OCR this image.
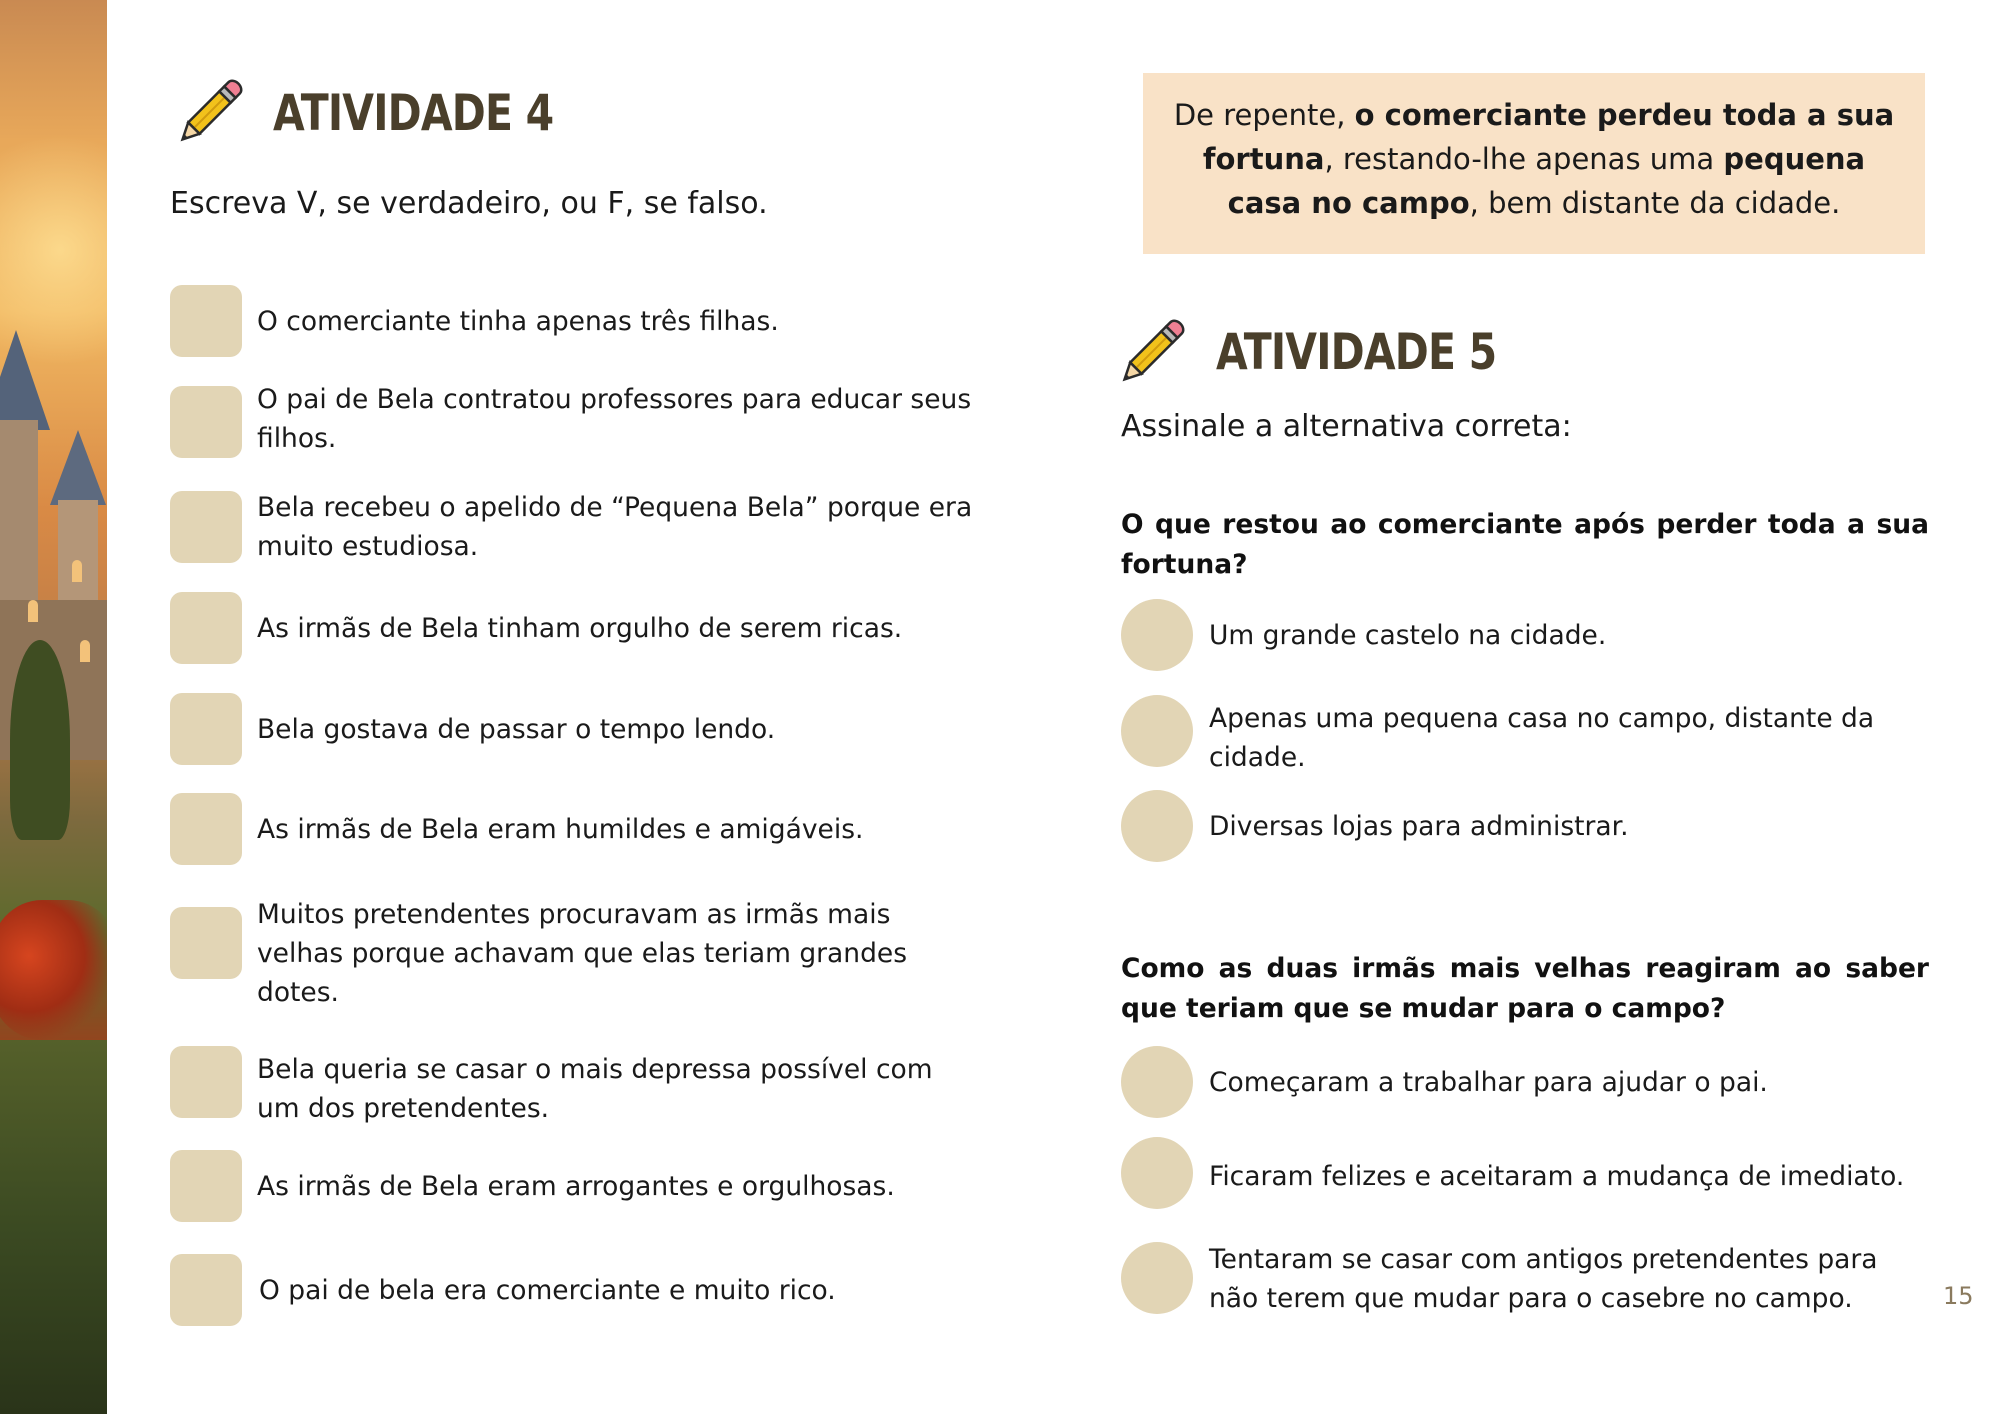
ATIVIDADE 4
Escreva V, se verdadeiro, ou F, se falso.
O comerciante tinha apenas três filhas.
O pai de Bela contratou professores para educar seus filhos.
Bela recebeu o apelido de “Pequena Bela” porque era muito estudiosa.
As irmãs de Bela tinham orgulho de serem ricas.
Bela gostava de passar o tempo lendo.
As irmãs de Bela eram humildes e amigáveis.
Muitos pretendentes procuravam as irmãs mais velhas porque achavam que elas teriam grandes dotes.
Bela queria se casar o mais depressa possível com um dos pretendentes.
As irmãs de Bela eram arrogantes e orgulhosas.
O pai de bela era comerciante e muito rico.
De repente, o comerciante perdeu toda a sua fortuna, restando-lhe apenas uma pequena casa no campo, bem distante da cidade.
ATIVIDADE 5
Assinale a alternativa correta:
O que restou ao comerciante após perder toda a sua fortuna?
Um grande castelo na cidade.
Apenas uma pequena casa no campo, distante da cidade.
Diversas lojas para administrar.
Como as duas irmãs mais velhas reagiram ao saber que teriam que se mudar para o campo?
Começaram a trabalhar para ajudar o pai.
Ficaram felizes e aceitaram a mudança de imediato.
Tentaram se casar com antigos pretendentes para não terem que mudar para o casebre no campo.	15
